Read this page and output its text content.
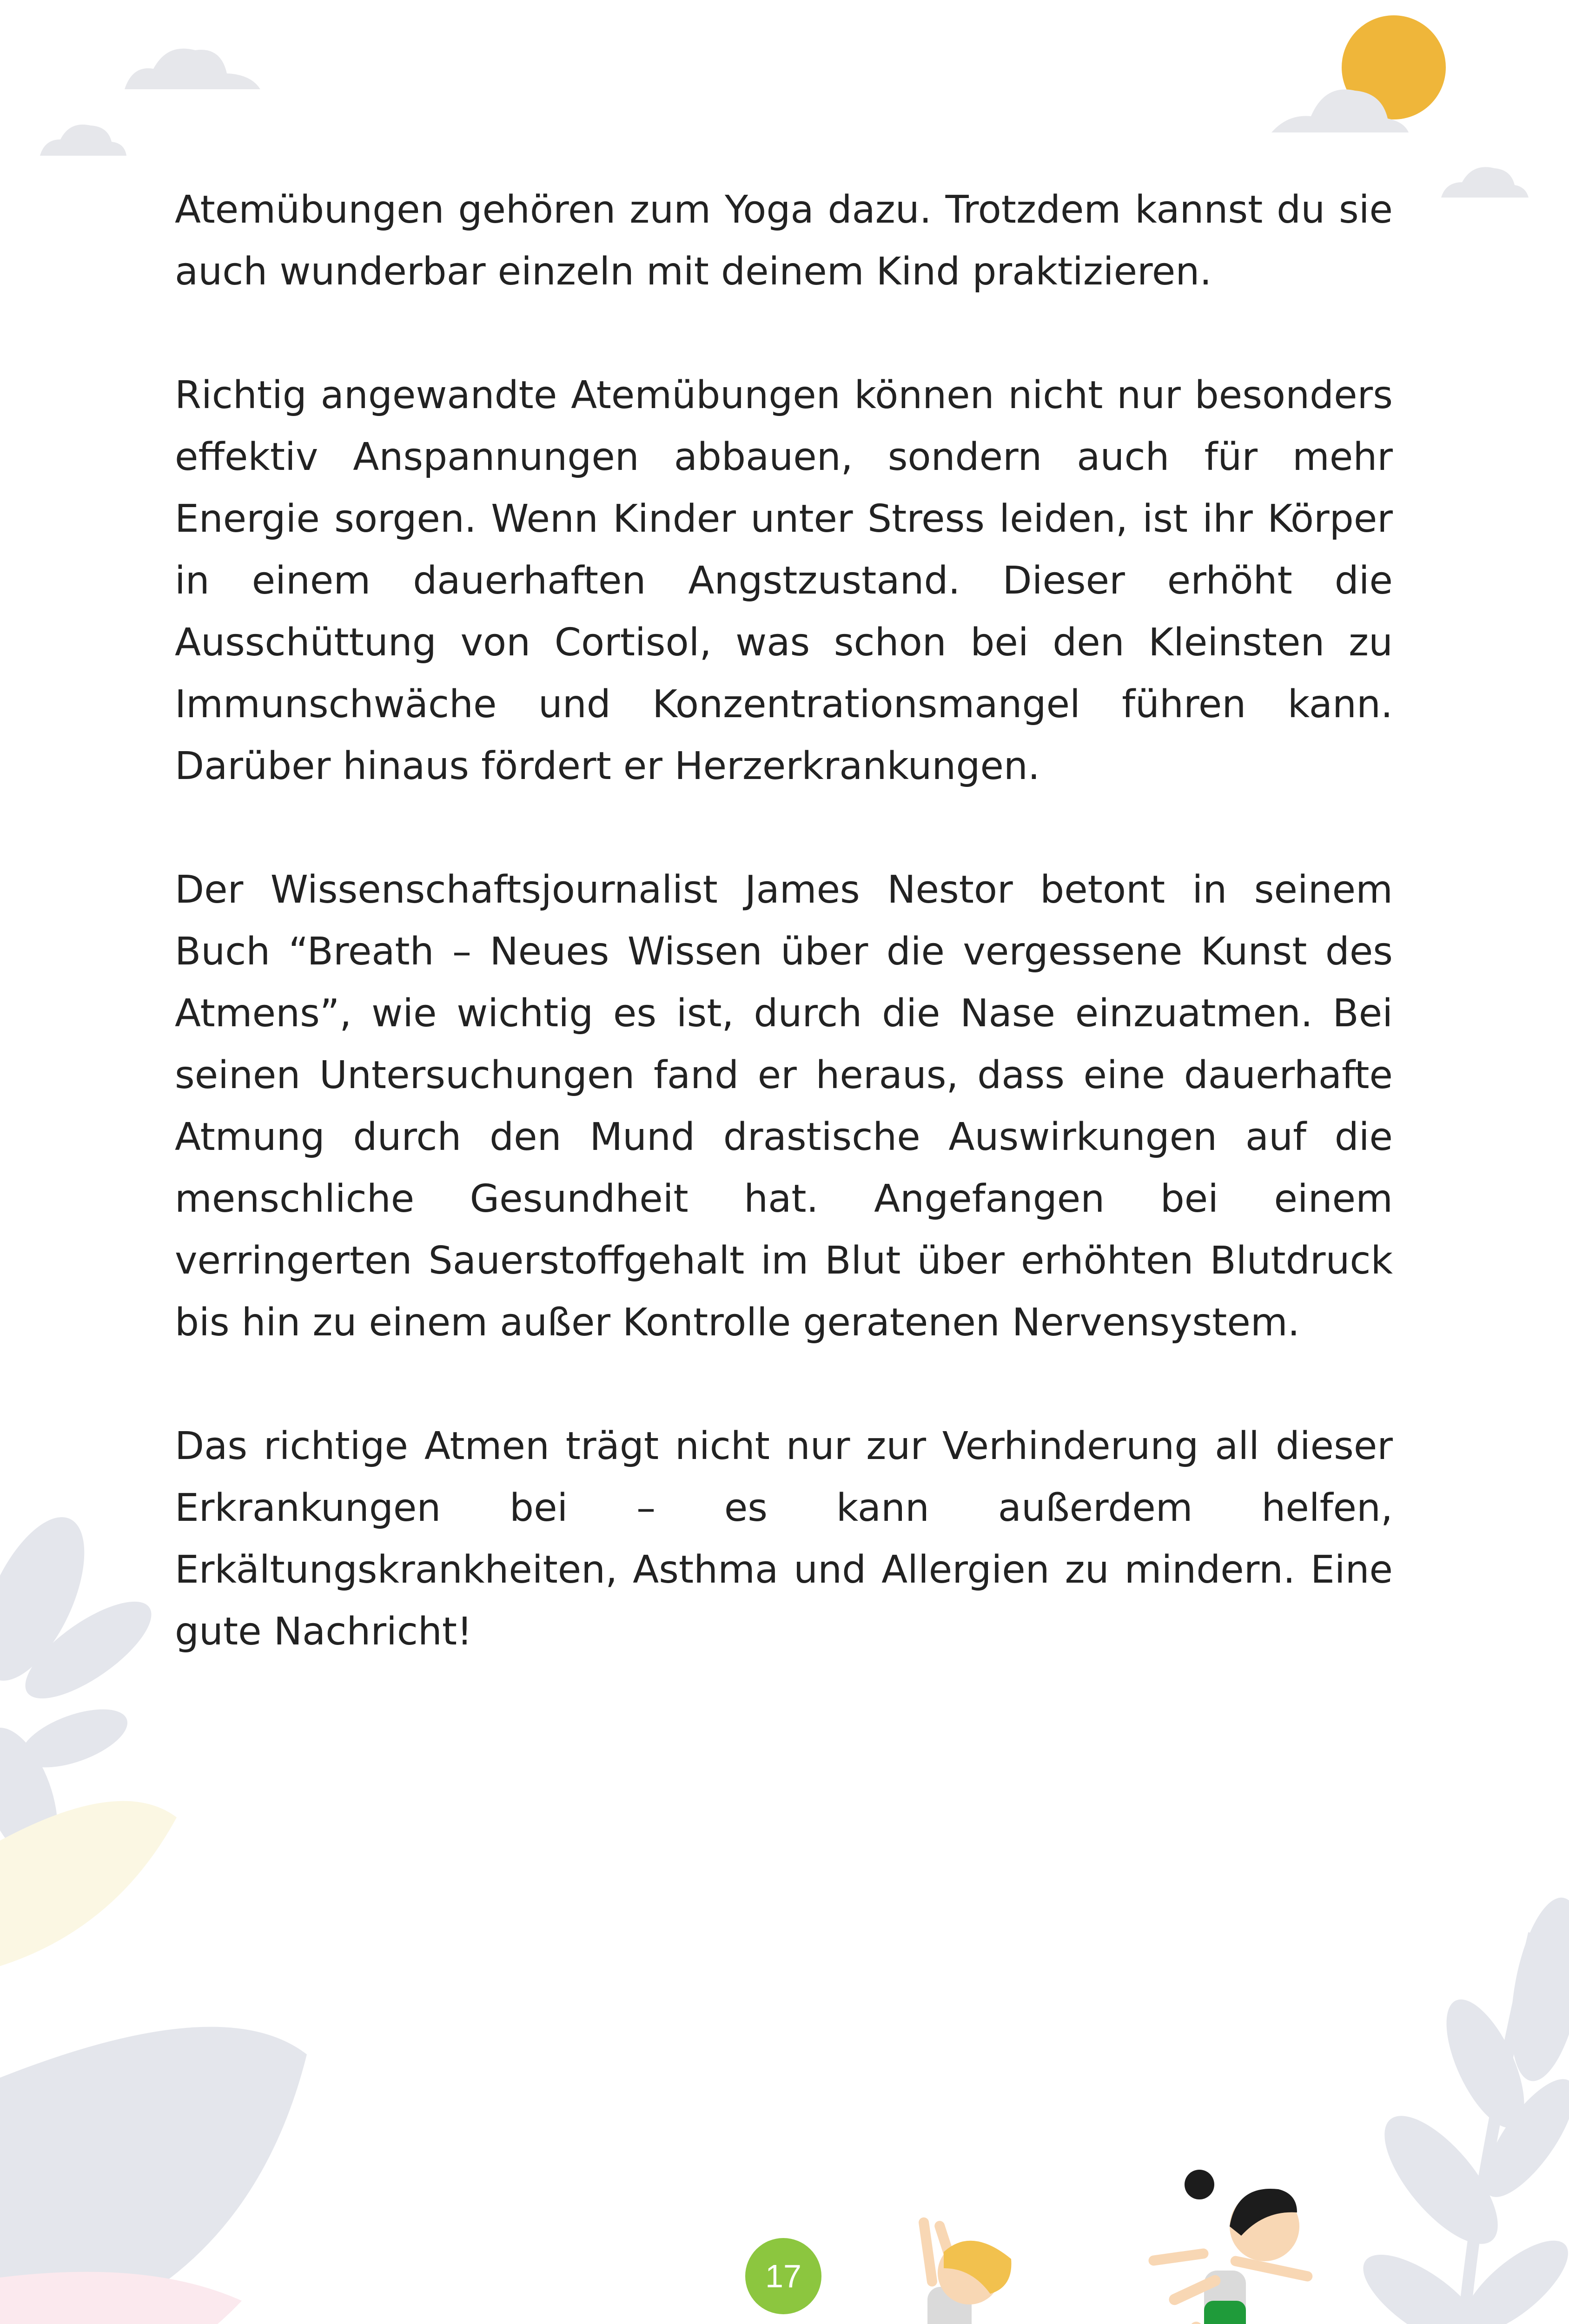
Atemübungen gehören zum Yoga dazu. Trotzdem kannst du sie auch wunderbar einzeln mit deinem Kind praktizieren.

Richtig angewandte Atemübungen können nicht nur besonders effektiv Anspannungen abbauen, sondern auch für mehr Energie sorgen. Wenn Kinder unter Stress leiden, ist ihr Körper in einem dauerhaften Angstzustand. Dieser erhöht die Ausschüttung von Cortisol, was schon bei den Kleinsten zu Immunschwäche und Konzentrationsmangel führen kann. Darüber hinaus fördert er Herzerkrankungen.

Der Wissenschaftsjournalist James Nestor betont in seinem Buch “Breath – Neues Wissen über die vergessene Kunst des Atmens”, wie wichtig es ist, durch die Nase einzuatmen. Bei seinen Untersuchungen fand er heraus, dass eine dauerhafte Atmung durch den Mund drastische Auswirkungen auf die menschliche Gesundheit hat. Angefangen bei einem verringerten Sauerstoffgehalt im Blut über erhöhten Blutdruck bis hin zu einem außer Kontrolle geratenen Nervensystem.

Das richtige Atmen trägt nicht nur zur Verhinderung all dieser Erkrankungen bei – es kann außerdem helfen, Erkältungskrankheiten, Asthma und Allergien zu mindern. Eine gute Nachricht!

17
